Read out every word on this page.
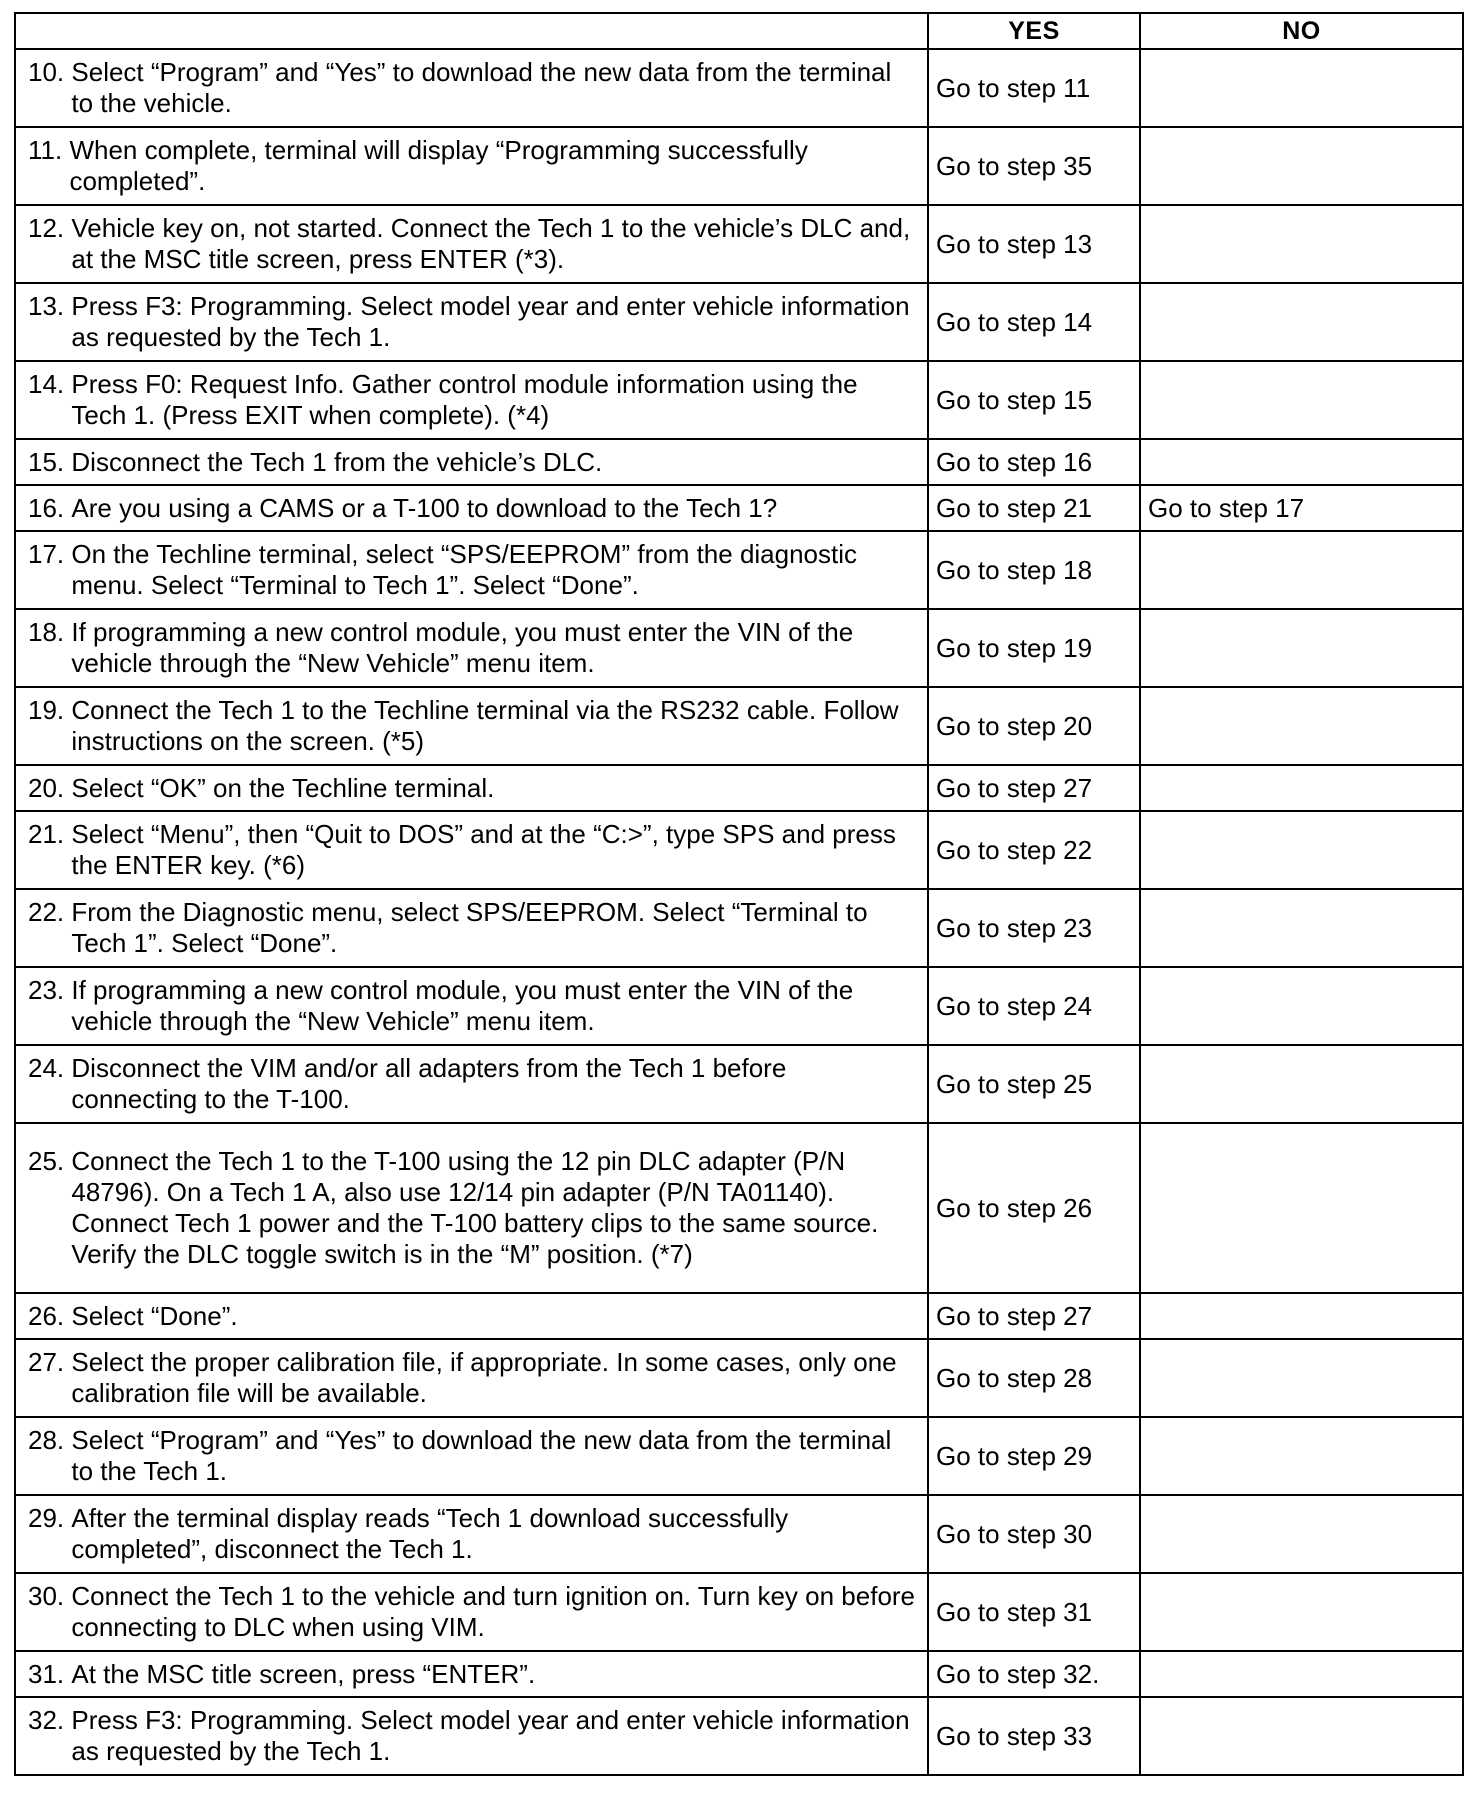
	YES	NO

10.
Select “Program” and “Yes” to download the new data from the terminal to the vehicle.	Go to step 11	

11.
When complete, terminal will display “Programming successfully completed”.	Go to step 35	

12.
Vehicle key on, not started. Connect the Tech 1 to the vehicle’s DLC and, at the MSC title screen, press ENTER (*3).	Go to step 13	

13.
Press F3: Programming. Select model year and enter vehicle information as requested by the Tech 1.	Go to step 14	

14.
Press F0: Request Info. Gather control module information using the Tech 1. (Press EXIT when complete). (*4)	Go to step 15	

15.
Disconnect the Tech 1 from the vehicle’s DLC.	Go to step 16	

16.
Are you using a CAMS or a T-100 to download to the Tech 1?	Go to step 21	Go to step 17

17.
On the Techline terminal, select “SPS/EEPROM” from the diagnostic menu. Select “Terminal to Tech 1”. Select “Done”.	Go to step 18	

18.
If programming a new control module, you must enter the VIN of the vehicle through the “New Vehicle” menu item.	Go to step 19	

19.
Connect the Tech 1 to the Techline terminal via the RS232 cable. Follow instructions on the screen. (*5)	Go to step 20	

20.
Select “OK” on the Techline terminal.	Go to step 27	

21.
Select “Menu”, then “Quit to DOS” and at the “C:>”, type SPS and press the ENTER key. (*6)	Go to step 22	

22.
From the Diagnostic menu, select SPS/EEPROM. Select “Terminal to Tech 1”. Select “Done”.	Go to step 23	

23.
If programming a new control module, you must enter the VIN of the vehicle through the “New Vehicle” menu item.	Go to step 24	

24.
Disconnect the VIM and/or all adapters from the Tech 1 before connecting to the T-100.	Go to step 25	

25.
Connect the Tech 1 to the T-100 using the 12 pin DLC adapter (P/N 48796). On a Tech 1 A, also use 12/14 pin adapter (P/N TA01140). Connect Tech 1 power and the T-100 battery clips to the same source. Verify the DLC toggle switch is in the “M” position. (*7)	Go to step 26	

26.
Select “Done”.	Go to step 27	

27.
Select the proper calibration file, if appropriate. In some cases, only one calibration file will be available.	Go to step 28	

28.
Select “Program” and “Yes” to download the new data from the terminal to the Tech 1.	Go to step 29	

29.
After the terminal display reads “Tech 1 download successfully completed”, disconnect the Tech 1.	Go to step 30	

30.
Connect the Tech 1 to the vehicle and turn ignition on. Turn key on before connecting to DLC when using VIM.	Go to step 31	

31.
At the MSC title screen, press “ENTER”.	Go to step 32.	

32.
Press F3: Programming. Select model year and enter vehicle information as requested by the Tech 1.	Go to step 33	
